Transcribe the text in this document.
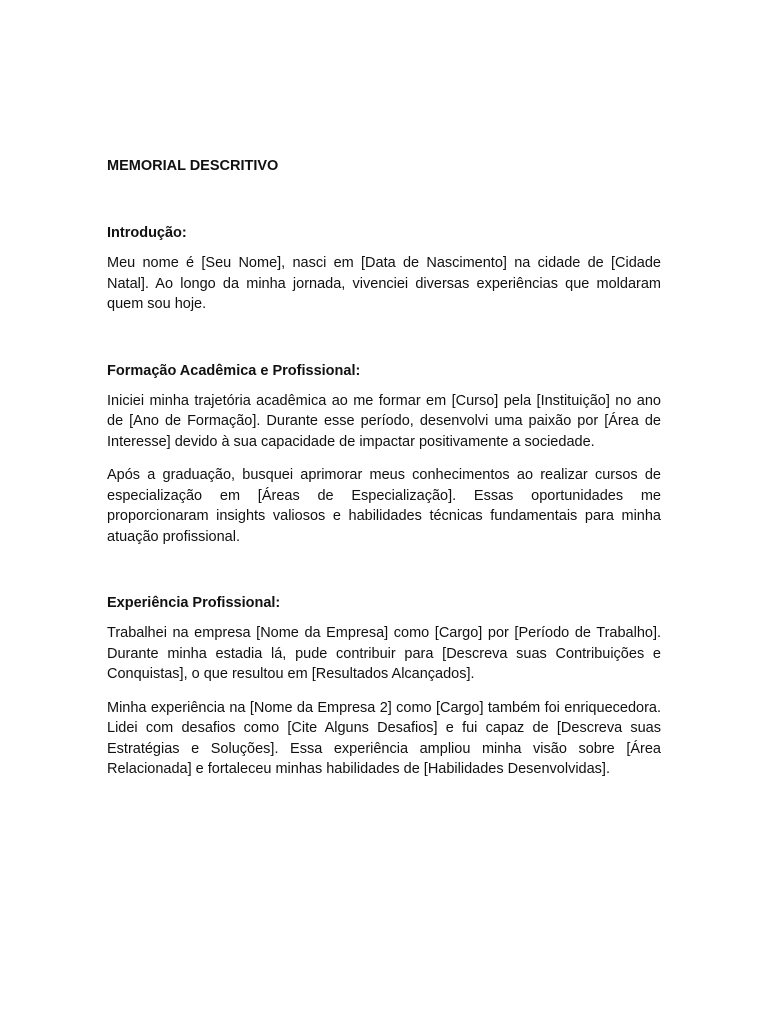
MEMORIAL DESCRITIVO

Introdução:

Meu nome é [Seu Nome], nasci em [Data de Nascimento] na cidade de [Cidade Natal]. Ao longo da minha jornada, vivenciei diversas experiências que moldaram quem sou hoje.

Formação Acadêmica e Profissional:

Iniciei minha trajetória acadêmica ao me formar em [Curso] pela [Instituição] no ano de [Ano de Formação]. Durante esse período, desenvolvi uma paixão por [Área de Interesse] devido à sua capacidade de impactar positivamente a sociedade.

Após a graduação, busquei aprimorar meus conhecimentos ao realizar cursos de especialização em [Áreas de Especialização]. Essas oportunidades me proporcionaram insights valiosos e habilidades técnicas fundamentais para minha atuação profissional.

Experiência Profissional:

Trabalhei na empresa [Nome da Empresa] como [Cargo] por [Período de Trabalho]. Durante minha estadia lá, pude contribuir para [Descreva suas Contribuições e Conquistas], o que resultou em [Resultados Alcançados].

Minha experiência na [Nome da Empresa 2] como [Cargo] também foi enriquecedora. Lidei com desafios como [Cite Alguns Desafios] e fui capaz de [Descreva suas Estratégias e Soluções]. Essa experiência ampliou minha visão sobre [Área Relacionada] e fortaleceu minhas habilidades de [Habilidades Desenvolvidas].
